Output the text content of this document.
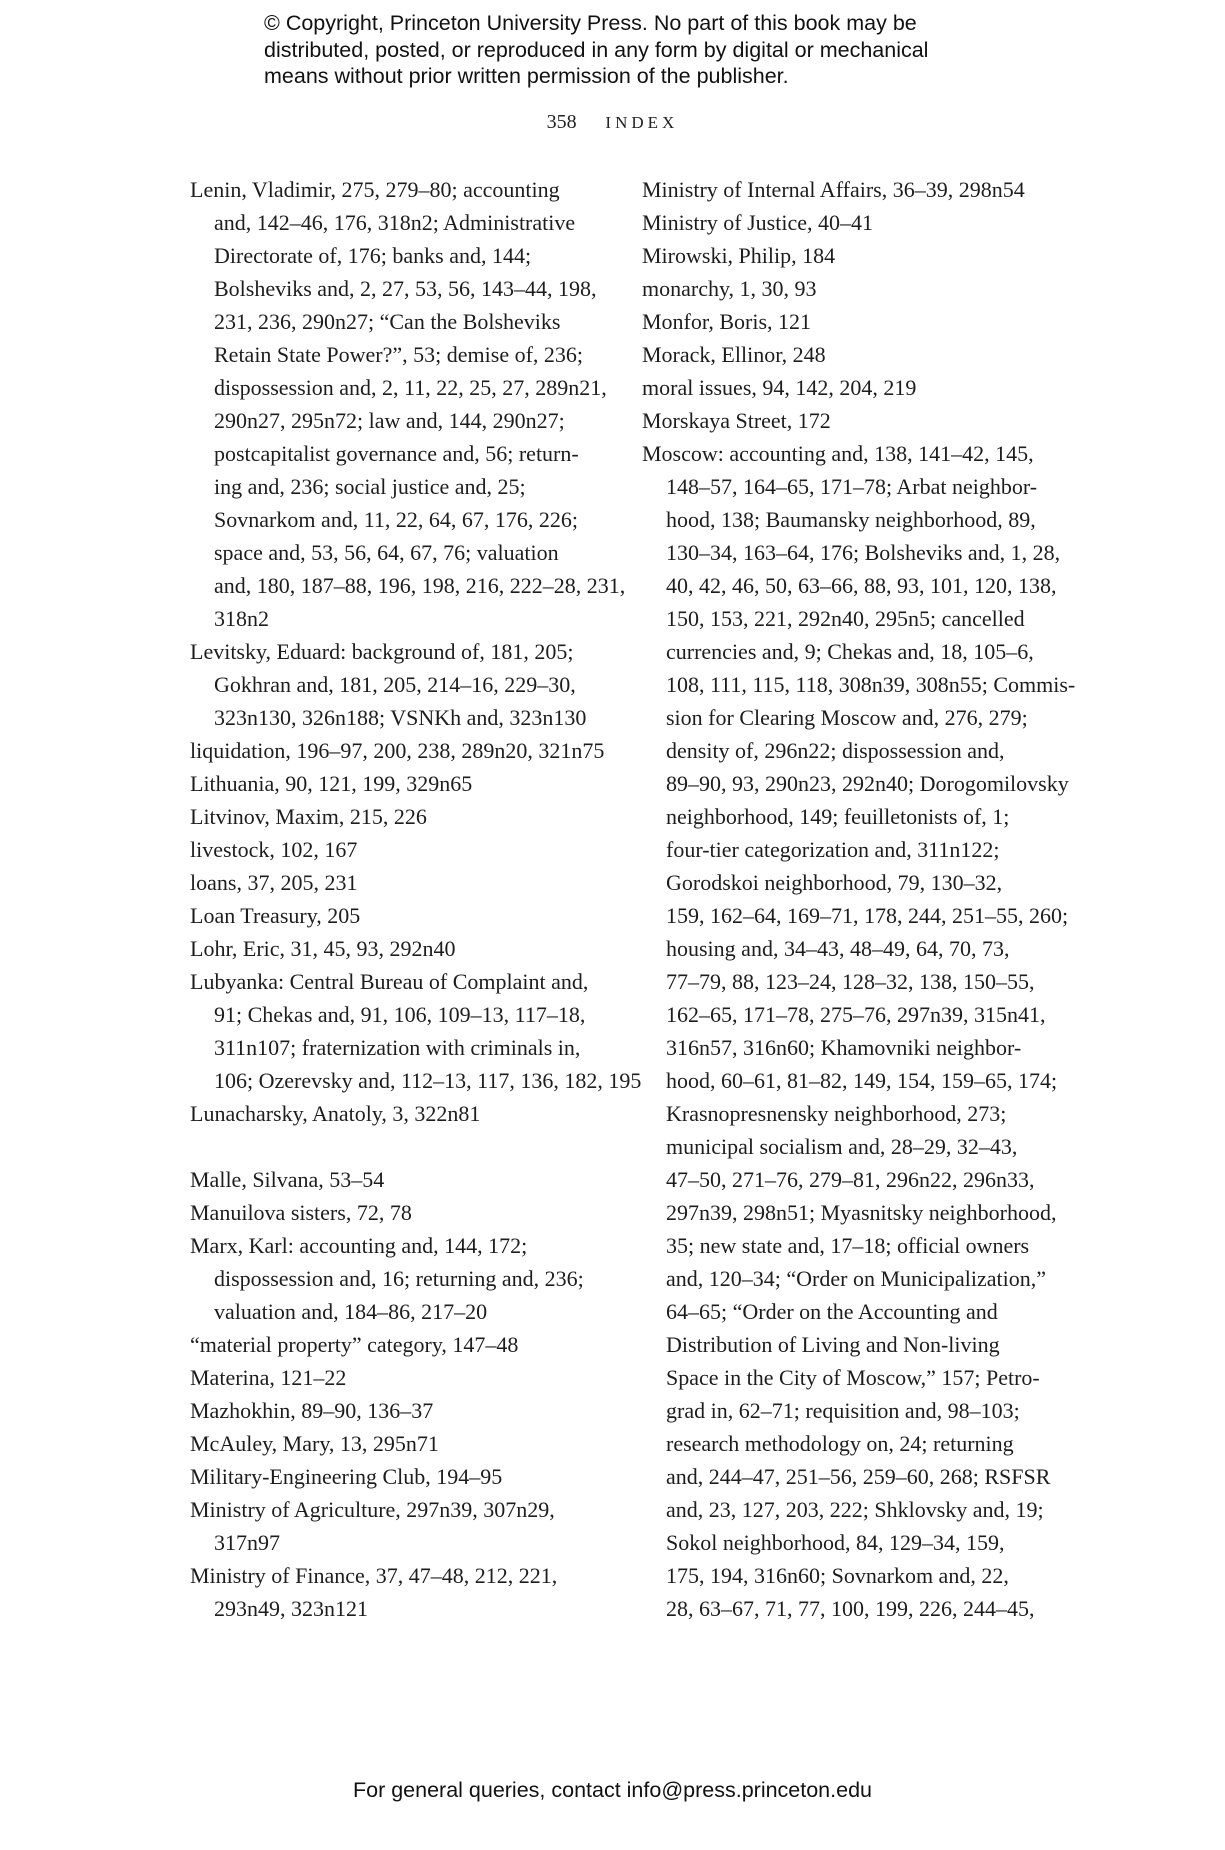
© Copyright, Princeton University Press. No part of this book may be
distributed, posted, or reproduced in any form by digital or mechanical
means without prior written permission of the publisher.
358 INDEX
Lenin, Vladimir, 275, 279–80; accounting
and, 142–46, 176, 318n2; Administrative
Directorate of, 176; banks and, 144;
Bolsheviks and, 2, 27, 53, 56, 143–44, 198,
231, 236, 290n27; “Can the Bolsheviks
Retain State Power?”, 53; demise of, 236;
dispossession and, 2, 11, 22, 25, 27, 289n21,
290n27, 295n72; law and, 144, 290n27;
postcapitalist governance and, 56; return-
ing and, 236; social justice and, 25;
Sovnarkom and, 11, 22, 64, 67, 176, 226;
space and, 53, 56, 64, 67, 76; valuation
and, 180, 187–88, 196, 198, 216, 222–28, 231,
318n2
Levitsky, Eduard: background of, 181, 205;
Gokhran and, 181, 205, 214–16, 229–30,
323n130, 326n188; VSNKh and, 323n130
liquidation, 196–97, 200, 238, 289n20, 321n75
Lithuania, 90, 121, 199, 329n65
Litvinov, Maxim, 215, 226
livestock, 102, 167
loans, 37, 205, 231
Loan Treasury, 205
Lohr, Eric, 31, 45, 93, 292n40
Lubyanka: Central Bureau of Complaint and,
91; Chekas and, 91, 106, 109–13, 117–18,
311n107; fraternization with criminals in,
106; Ozerevsky and, 112–13, 117, 136, 182, 195
Lunacharsky, Anatoly, 3, 322n81
Malle, Silvana, 53–54
Manuilova sisters, 72, 78
Marx, Karl: accounting and, 144, 172;
dispossession and, 16; returning and, 236;
valuation and, 184–86, 217–20
“material property” category, 147–48
Materina, 121–22
Mazhokhin, 89–90, 136–37
McAuley, Mary, 13, 295n71
Military-Engineering Club, 194–95
Ministry of Agriculture, 297n39, 307n29,
317n97
Ministry of Finance, 37, 47–48, 212, 221,
293n49, 323n121
Ministry of Internal Affairs, 36–39, 298n54
Ministry of Justice, 40–41
Mirowski, Philip, 184
monarchy, 1, 30, 93
Monfor, Boris, 121
Morack, Ellinor, 248
moral issues, 94, 142, 204, 219
Morskaya Street, 172
Moscow: accounting and, 138, 141–42, 145,
148–57, 164–65, 171–78; Arbat neighbor-
hood, 138; Baumansky neighborhood, 89,
130–34, 163–64, 176; Bolsheviks and, 1, 28,
40, 42, 46, 50, 63–66, 88, 93, 101, 120, 138,
150, 153, 221, 292n40, 295n5; cancelled
currencies and, 9; Chekas and, 18, 105–6,
108, 111, 115, 118, 308n39, 308n55; Commis-
sion for Clearing Moscow and, 276, 279;
density of, 296n22; dispossession and,
89–90, 93, 290n23, 292n40; Dorogomilovsky
neighborhood, 149; feuilletonists of, 1;
four-tier categorization and, 311n122;
Gorodskoi neighborhood, 79, 130–32,
159, 162–64, 169–71, 178, 244, 251–55, 260;
housing and, 34–43, 48–49, 64, 70, 73,
77–79, 88, 123–24, 128–32, 138, 150–55,
162–65, 171–78, 275–76, 297n39, 315n41,
316n57, 316n60; Khamovniki neighbor-
hood, 60–61, 81–82, 149, 154, 159–65, 174;
Krasnopresnensky neighborhood, 273;
municipal socialism and, 28–29, 32–43,
47–50, 271–76, 279–81, 296n22, 296n33,
297n39, 298n51; Myasnitsky neighborhood,
35; new state and, 17–18; official owners
and, 120–34; “Order on Municipalization,”
64–65; “Order on the Accounting and
Distribution of Living and Non-living
Space in the City of Moscow,” 157; Petro-
grad in, 62–71; requisition and, 98–103;
research methodology on, 24; returning
and, 244–47, 251–56, 259–60, 268; RSFSR
and, 23, 127, 203, 222; Shklovsky and, 19;
Sokol neighborhood, 84, 129–34, 159,
175, 194, 316n60; Sovnarkom and, 22,
28, 63–67, 71, 77, 100, 199, 226, 244–45,
For general queries, contact info@press.princeton.edu
